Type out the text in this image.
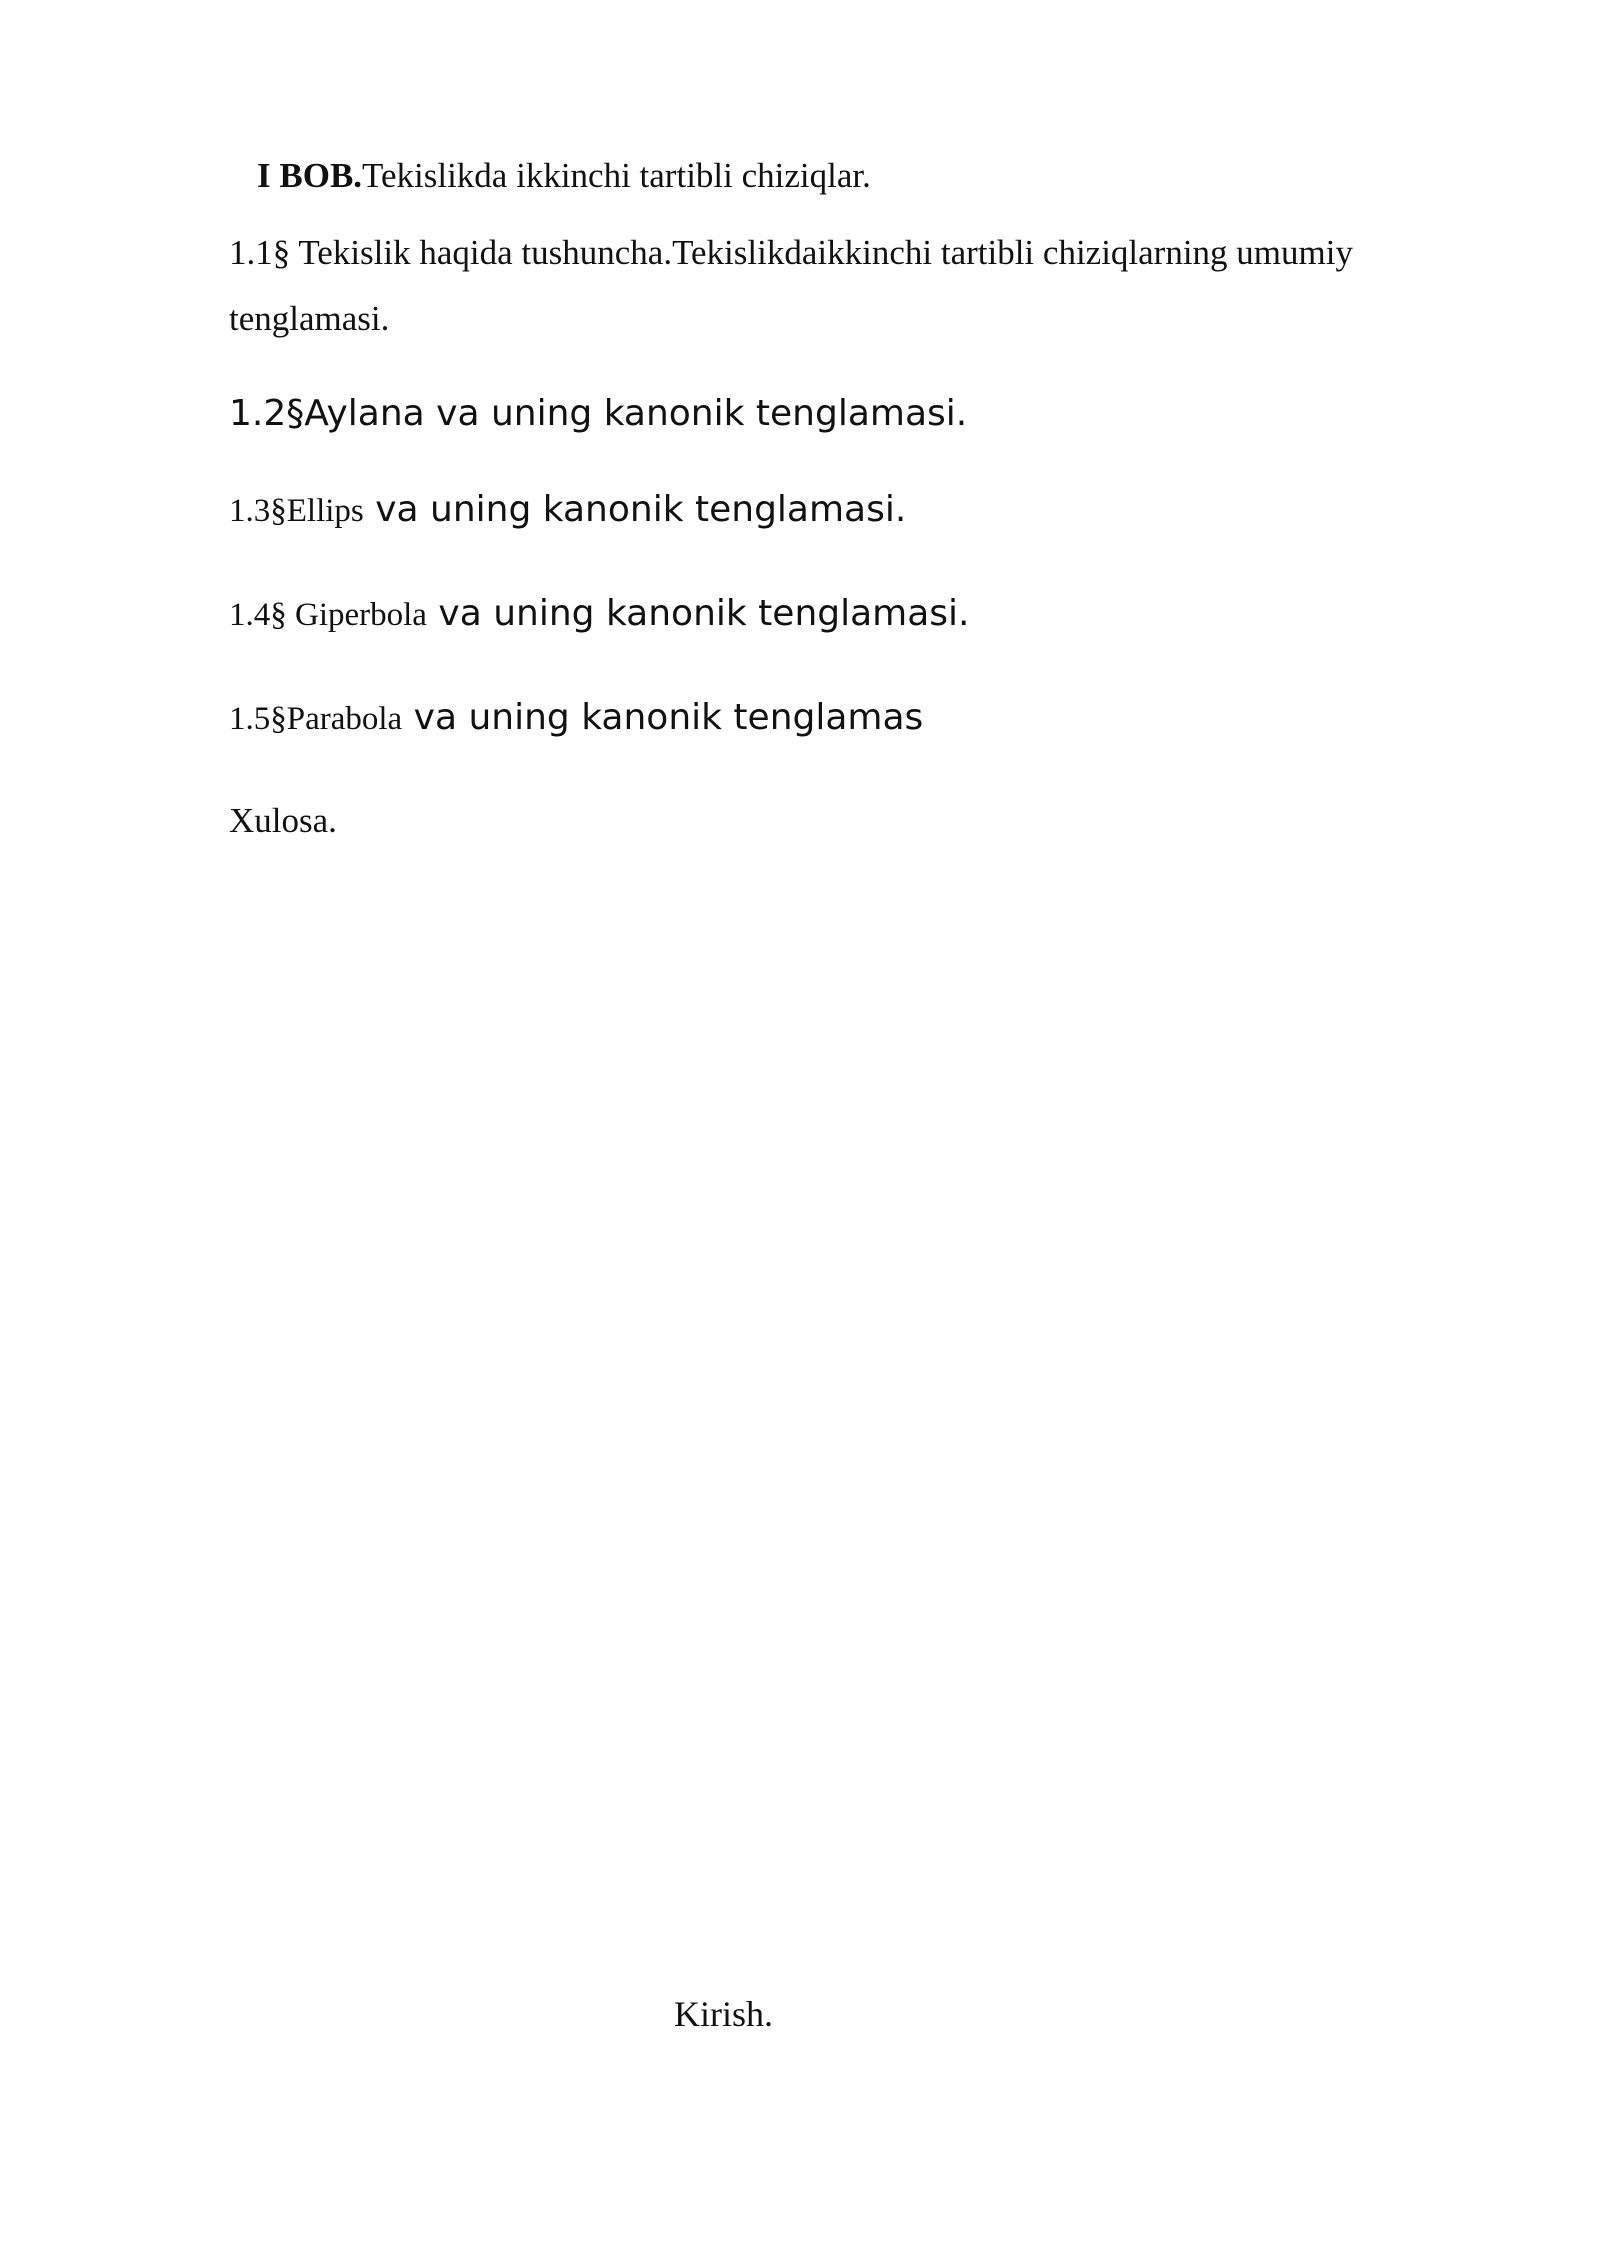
I BOB.Tekislikda ikkinchi tartibli chiziqlar.
1.1§ Tekislik haqida tushuncha.Tekislikdaikkinchi tartibli chiziqlarning umumiy
tenglamasi.
1.2§Aylana va uning kanonik tenglamasi.
1.3§Ellips va uning kanonik tenglamasi.
1.4§ Giperbola va uning kanonik tenglamasi.
1.5§Parabola va uning kanonik tenglamas
Xulosa.
Kirish.
